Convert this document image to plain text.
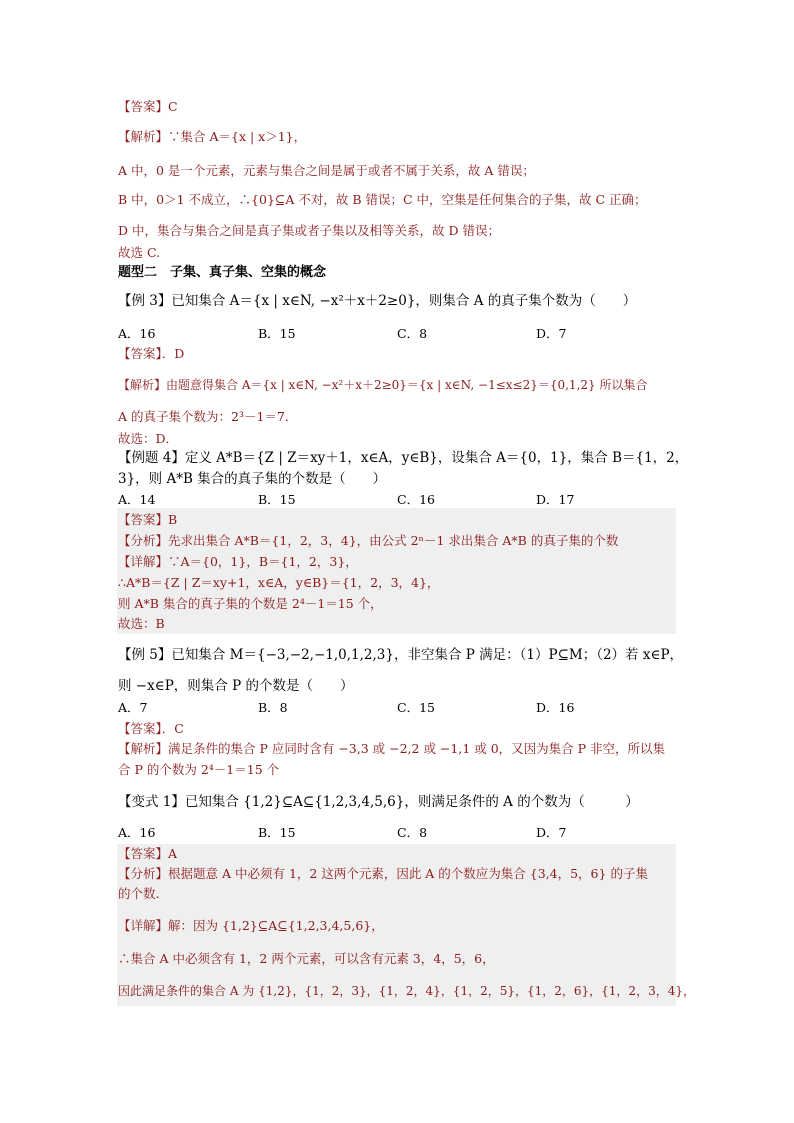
【答案】C
【解析】∵集合 A＝{x | x＞1}，
A 中，0 是一个元素，元素与集合之间是属于或者不属于关系，故 A 错误；
B 中，0＞1 不成立，∴{0}⊆A 不对，故 B 错误；C 中，空集是任何集合的子集，故 C 正确；
D 中，集合与集合之间是真子集或者子集以及相等关系，故 D 错误；
故选 C.
题型二　子集、真子集、空集的概念
【例 3】已知集合 A＝{x | x∈N, −x²＋x＋2≥0}，则集合 A 的真子集个数为（　　）
A．16	B．15	C．8	D．7
【答案】．D
【解析】由题意得集合 A＝{x | x∈N, −x²＋x＋2≥0}＝{x | x∈N, −1≤x≤2}＝{0,1,2} 所以集合
A 的真子集个数为：2³－1＝7．
故选：D．
【例题 4】定义 A*B＝{Z | Z＝xy＋1，x∈A，y∈B}，设集合 A＝{0，1}，集合 B＝{1，2，
3}，则 A*B 集合的真子集的个数是（　　）
A．14	B．15	C．16	D．17
【答案】B
【分析】先求出集合 A*B＝{1，2，3，4}，由公式 2ⁿ－1 求出集合 A*B 的真子集的个数
【详解】∵A＝{0，1}，B＝{1，2，3}，
∴A*B＝{Z | Z＝xy+1，x∈A，y∈B}＝{1，2，3，4}，
则 A*B 集合的真子集的个数是 2⁴－1＝15 个，
故选：B
【例 5】已知集合 M＝{−3,−2,−1,0,1,2,3}，非空集合 P 满足：（1）P⊆M；（2）若 x∈P，
则 −x∈P，则集合 P 的个数是（　　）
A．7	B．8	C．15	D．16
【答案】．C
【解析】满足条件的集合 P 应同时含有 −3,3 或 −2,2 或 −1,1 或 0，又因为集合 P 非空，所以集
合 P 的个数为 2⁴－1＝15 个
【变式 1】已知集合 {1,2}⊆A⊆{1,2,3,4,5,6}，则满足条件的 A 的个数为（　　　）
A．16	B．15	C．8	D．7
【答案】A
【分析】根据题意 A 中必须有 1，2 这两个元素，因此 A 的个数应为集合 {3,4，5，6} 的子集
的个数.
【详解】解：因为 {1,2}⊆A⊆{1,2,3,4,5,6}，
∴集合 A 中必须含有 1，2 两个元素，可以含有元素 3，4，5，6，
因此满足条件的集合 A 为 {1,2}，{1，2，3}，{1，2，4}，{1，2，5}，{1，2，6}，{1，2，3，4}，
